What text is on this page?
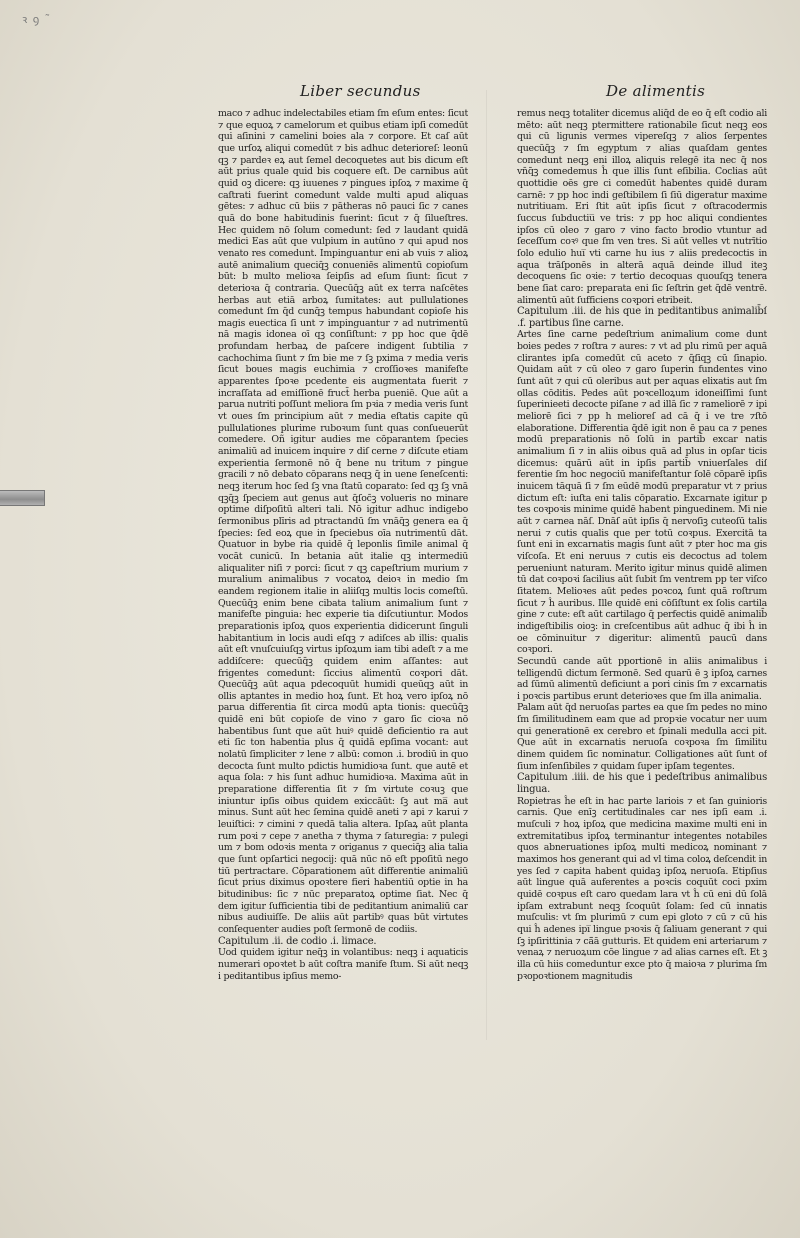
ꝛ ꝯ ˜
Liber secundus	De alimentis

maco ⁊ adhuc indelectabiles etiam ſm eſum entes: ſicut ⁊ que equoꝝ ⁊ camelorum et quibus etiam ipſi comedūt qui aſinini ⁊ camelini boies ala ⁊ corpore. Et caſ aūt que urſoꝝ aliqui comedūt ⁊ bis adhuc deterioreſ: leonū qꝫ ⁊ pardeꝛ eꝝ aut ſemel decoquetes aut bis dicum eſt aūt prius quale quid bis coquere eſt. De carnibus aūt quid oꝫ dicere: qꝫ iuuenes ⁊ pingues ipſoꝝ ⁊ maxime q̄ caſtrati fuerint comedunt valde multi apud aliquas gētes: ⁊ adhuc cū biis ⁊ pātheras nō pauci ſic ⁊ canes quā do bone habitudinis fuerint: ſicut ⁊ q̄ ſilueſtres. Hec quidem nō ſolum comedunt: ſed ⁊ laudant quidā medici Eas aūt que vulpium in autūno ⁊ qui apud nos venato res comedunt. Impinguantur eni ab vuis ⁊ alioꝝ autē animalium queciq̄ꝫ conueniēs alimentū copioſum būt: b multo melioꝛa ſeipſis ad eſum ſiunt: ſicut ⁊ deterioꝛa q̄ contraria. Quecūq̄ꝫ aūt ex terra naſcētes herbas aut etiā arboꝝ ſumitates: aut pullulationes comedunt ſm q̄d cunq̄ꝫ tempus habundant copioſe his magis euectica ſi unt ⁊ impinguantur ⁊ ad nutrimentū nā magis idonea oī qꝫ conſiſtunt: ⁊ pp hoc que q̄dē profundam herbaꝝ de paſcere indigent ſubtilia ⁊ cachochima ſiunt ⁊ ſm bie me ⁊ ſꝫ pxima ⁊ media veris ſicut boues magis euchimia ⁊ croſſioꝛes manifeſte apparentes ſpoꝛe pcedente eis augmentata fuerit ⁊ incraſſata ad emiſſionē fruct̄ herba pueniē. Que aūt a parua nutriti poſſunt meliora ſm pꝛia ⁊ media veris ſunt vt oues ſm principium aūt ⁊ media eſtatis capite qū pullulationes plurime ruboꝛum ſunt quas conſueuerūt comedere. Oñ igitur audies me cōparantem ſpecies animaliū ad inuicem inquire ⁊ diſ cerne ⁊ diſcute etiam experientia ſermonē nō q̄ bene nu tritum ⁊ pingue gracili ⁊ nō debato cōparans neqꝫ q̄ in uene ſeneſcenti: neqꝫ iterum hoc ſed ſꝫ vna ſtatū coparato: ſed qꝫ ſꝫ vnā qꝫq̄ꝫ ſpeciem aut genus aut q̄ſoc̄ꝫ volueris no minare optime diſpoſitū alteri tali. Nō igitur adhuc indigebo ſermonibus plīris ad ptractandū ſm vnāq̄ꝫ genera ea q̄ ſpecies: ſed eoꝝ que in ſpeciebus oīa nutrimentū dāt. Quatuor in bybe ria quidē q̄ leponlis ſimile animal q̄ vocāt cunicū. In betania aūt italie qꝫ intermediū aliqualiter niſi ⁊ porci: ſicut ⁊ qꝫ capeſtrium murium ⁊ muralium animalibus ⁊ vocatoꝝ deioꝛ in medio ſm eandem regionem italie in aliiſqꝫ multis locis comeſtū. Quecūq̄ꝫ enim bene cibata talium animalium ſunt ⁊ manifeſte pinguia: hec experie tia diſcutiuntur. Modos preparationis ipſoꝝ quos experientia didicerunt ſinguli habitantium in locis audi eſqꝫ ⁊ adiſces ab illis: qualis aūt eſt vnuſcuiuſqꝫ virtus ipſoꝝum iam tibi adeſt ⁊ a me addiſcere: quecūq̄ꝫ quidem enim aſſantes: aut frigentes comedunt: ſiccius alimentū coꝛpori dāt. Quecūq̄ꝫ aūt aqua pdecoquūt humidi queūqꝫ aūt in ollis aptantes in medio hoꝝ ſunt. Et hoꝝ vero ipſoꝝ nō parua differentia ſit circa modū apta tionis: quecūq̄ꝫ quidē eni būt copioſe de vino ⁊ garo ſic cioꝛa nō habentibus ſunt que aūt huiꝰ quidē deficientio ra aut eti ſic ton habentia plus q̄ quidā epſima vocant: aut nolatū ſimpliciter ⁊ lene ⁊ albū: comon .i. brodiū in quo decocta ſunt multo pdictis humidioꝛa ſunt. que autē et aqua ſola: ⁊ his ſunt adhuc humidioꝛa. Maxima aūt in preparatione differentia ſit ⁊ ſm virtute coꝛuꝫ que iniuntur ipſis oibus quidem exiccāūt: ſꝫ aut ma̅ aut minus. Sunt aūt hec ſemina quidē aneti ⁊ api ⁊ karui ⁊ leuiſtici: ⁊ cimini ⁊ quedā talia altera. Ipſaꝝ aūt planta rum poꝛi ⁊ cepe ⁊ anetha ⁊ thyma ⁊ ſaturegia: ⁊ pulegi um ⁊ bom odoꝛis menta ⁊ origanus ⁊ queciq̄ꝫ alia talia que ſunt opſartici negocij: quā nūc nō eſt ppoſitū nego tiū pertractare. Cōparationem aūt differentie animaliū ſicut prius diximus opoꝛtere fieri habentiū optie in ha bitudinibus: ſic ⁊ nūc preparatoꝝ optime ſiat. Nec q̄ dem igitur ſufficientia tibi de peditantium animaliū car nibus audiuiſſe. De aliis aūt partibꝰ quas būt virtutes conſequenter audies poſt ſermonē de codiis.

Capitulum .ii. de codio .i. limace.

Uod quidem igitur neq̄ꝫ in volantibus: neqꝫ i aquaticis numerari opoꝛtet b aūt coſtra manife ſtum. Si aūt neqꝫ i peditantibus ipſius memo-

remus neqꝫ totaliter dicemus aliq̄d de eo q̄ eſt codio ali mēto: aūt neqꝫ ptermittere rationabile ſicut neqꝫ eos qui cū ligunis vermes vipereſqꝫ ⁊ alios ſerpentes quecūq̄ꝫ ⁊ ſm egyptum ⁊ alias quaſdam gentes comedunt neqꝫ eni illoꝝ aliquis relegē ita nec q̄ nos vn̄q̄ꝫ comedemus ĥ que illis ſunt eſibilia. Coclias aūt quottidie oēs gre ci comedūt habentes quidē duram carnē: ⁊ pp hoc indi geſtibilem ſi ſiū digeratur maxime nutritiuam. Eri ſtit aūt ipſis ſicut ⁊ oſtracodermis ſuccus ſubductiu̅ ve tris: ⁊ pp hoc aliqui condientes ipſos cū oleo ⁊ garo ⁊ vino facto brodio vtuntur ad ſeceſſum coꝛꝰ que ſm ven tres. Si aūt velles vt nutrītio ſolo edulio hui̅ vti carne hu ius ⁊ aliis predecoctis in aqua trāſponēs in alterā aquā deinde illud iteꝫ decoquens ſic oꝛie: ⁊ tertio decoquas quouſqꝫ tenera bene ſiat caro: preparata eni ſic ſeſtrin get q̄dē ventrē. alimentū aūt ſufficiens coꝛpori etribeit.

Capitulum .iii. de his que in peditantibus animalib̄ſ .f. partibus ſine carne.

Artes ſine carne pedeſtrium animalium come dunt boies pedes ⁊ roſtra ⁊ aures: ⁊ vt ad plu rimū per aquā clirantes ipſa comedūt cū aceto ⁊ q̄ſiqꝫ cū ſinapio. Quidam aūt ⁊ cū oleo ⁊ garo ſuperin fundentes vino ſunt aūt ⁊ qui cū oleribus aut per aquas elixatis aut ſm ollas cōditis. Pedes aūt poꝛcelloꝝum idoneiſſimi ſunt ſuperinieeti decocte piſane ⁊ ad illā ſic ⁊ rameliorē ⁊ ipi meliorē ſici ⁊ pp h melioreſ ad cā q̄ i ve tre ⁊ſtō elaboratione. Differentia q̄dē igit non ē pau ca ⁊ penes modū preparationis nō ſolū in partib̄ excar natis animalium ſi ⁊ in aliis oibus quā ad plus in opſar ticis dicemus: quārū aūt in ipſis partib̄ vniuerſales diſ ferentie ſm hoc negociū manifeſtantur ſolē cōparē ipſis inuicem tāquā ſi ⁊ ſm eūdē modū preparatur vt ⁊ prius dictum eſt: iuſta eni talis cōparatio. Excarnate igitur p tes coꝛpoꝛis minime quidē habent pinguedinem. Mi nie aūt ⁊ carnea nāſ. Dnāſ aūt ipſis q̄ nervoſiꝫ cuteoſū talis nerui ⁊ cutis qualis que per totū coꝛpus. Exercitā ta ſunt eni in excarnatis magis ſunt aūt ⁊ pter hoc ma gis viſcoſa. Et eni neruus ⁊ cutis eis decoctus ad tolem perueniunt naturam. Merito igitur minus quidē alimen tū dat coꝛpoꝛi ſacilius aūt ſubit ſm ventrem pp ter viſco ſitatem. Melioꝛes aūt pedes poꝛcoꝝ ſunt quā roſtrum ſicut ⁊ ĥ auribus. Ille quidē eni cōſiſtunt ex ſolis cartila gine ⁊ cute: eſt aūt cartilago q̄ perfectis quidē animalib̄ indigeſtibilis oioꝫ: in creſcentibus aūt adhuc q̄ ibi ĥ in oe cōminuitur ⁊ digeritur: alimentū paucū dans coꝛpori.

Secundū cande aūt pportionē in aliis animalibus i telligendū dictum ſermonē. Sed quarū ē ꝫ ipſoꝝ carnes ad ſūmū alimentū deficiunt a pori cinis ſm ⁊ excarnatis i poꝛcis partibus erunt deterioꝛes que ſm illa animalia.

Palam aūt q̄d neruoſas partes ea que ſm pedes no mino ſm ſimilitudinem eam que ad propꝛie vocatur ner uum qui generationē ex cerebro et ſpinali medulla acci pit. Que aūt in excarnatis neruoſa coꝛpoꝛa ſm ſimilitu dinem quidem ſic nominatur. Colligationes aūt ſunt of ſium inſenſibiles ⁊ quidam ſuper ipſam tegentes.

Capitulum .iiii. de his que i pedeſtribus animalibus lingua.

Ropietras ĥe eſt in hac parte lariois ⁊ et ſan guinioris carnis. Que enīꝫ certitudinales car nes ipſi eam .i. muſculi ⁊ hoꝝ ipſoꝝ que medicina maxime multi eni in extremitatibus ipſoꝝ terminantur integentes notabiles quos abneruationes ipſoꝝ multi medicoꝝ nominant ⁊ maximos hos generant qui ad vl tima coloꝝ deſcendit in yes ſed ⁊ capita habent quidaꝫ ipſoꝝ neruoſa. Etipſius aūt lingue quā auferentes a poꝛcis coquūt coci pxim quidē coꝛpus eſt caro quedam lara vt ĥ cū eni dū ſolā ipſam extrabunt neqꝫ ſcoquūt ſolam: ſed cū innatis muſculis: vt ſm plurimū ⁊ cum epi gloto ⁊ cū ⁊ cū his qui ĥ adenes ipi̅ lingue pꝛoꝛis q̄ ſaliuam generant ⁊ qui ſꝫ ipſirittinia ⁊ cā̄ā gutturis. Et quidem eni arteriarum ⁊ venaꝝ ⁊ neruoꝝum cōe lingue ⁊ ad alias carnes eſt. Et ꝫ illa cū hiis comeduntur exce pto q̄ maioꝛa ⁊ plurima ſm pꝛopoꝛtionem magnitudis
